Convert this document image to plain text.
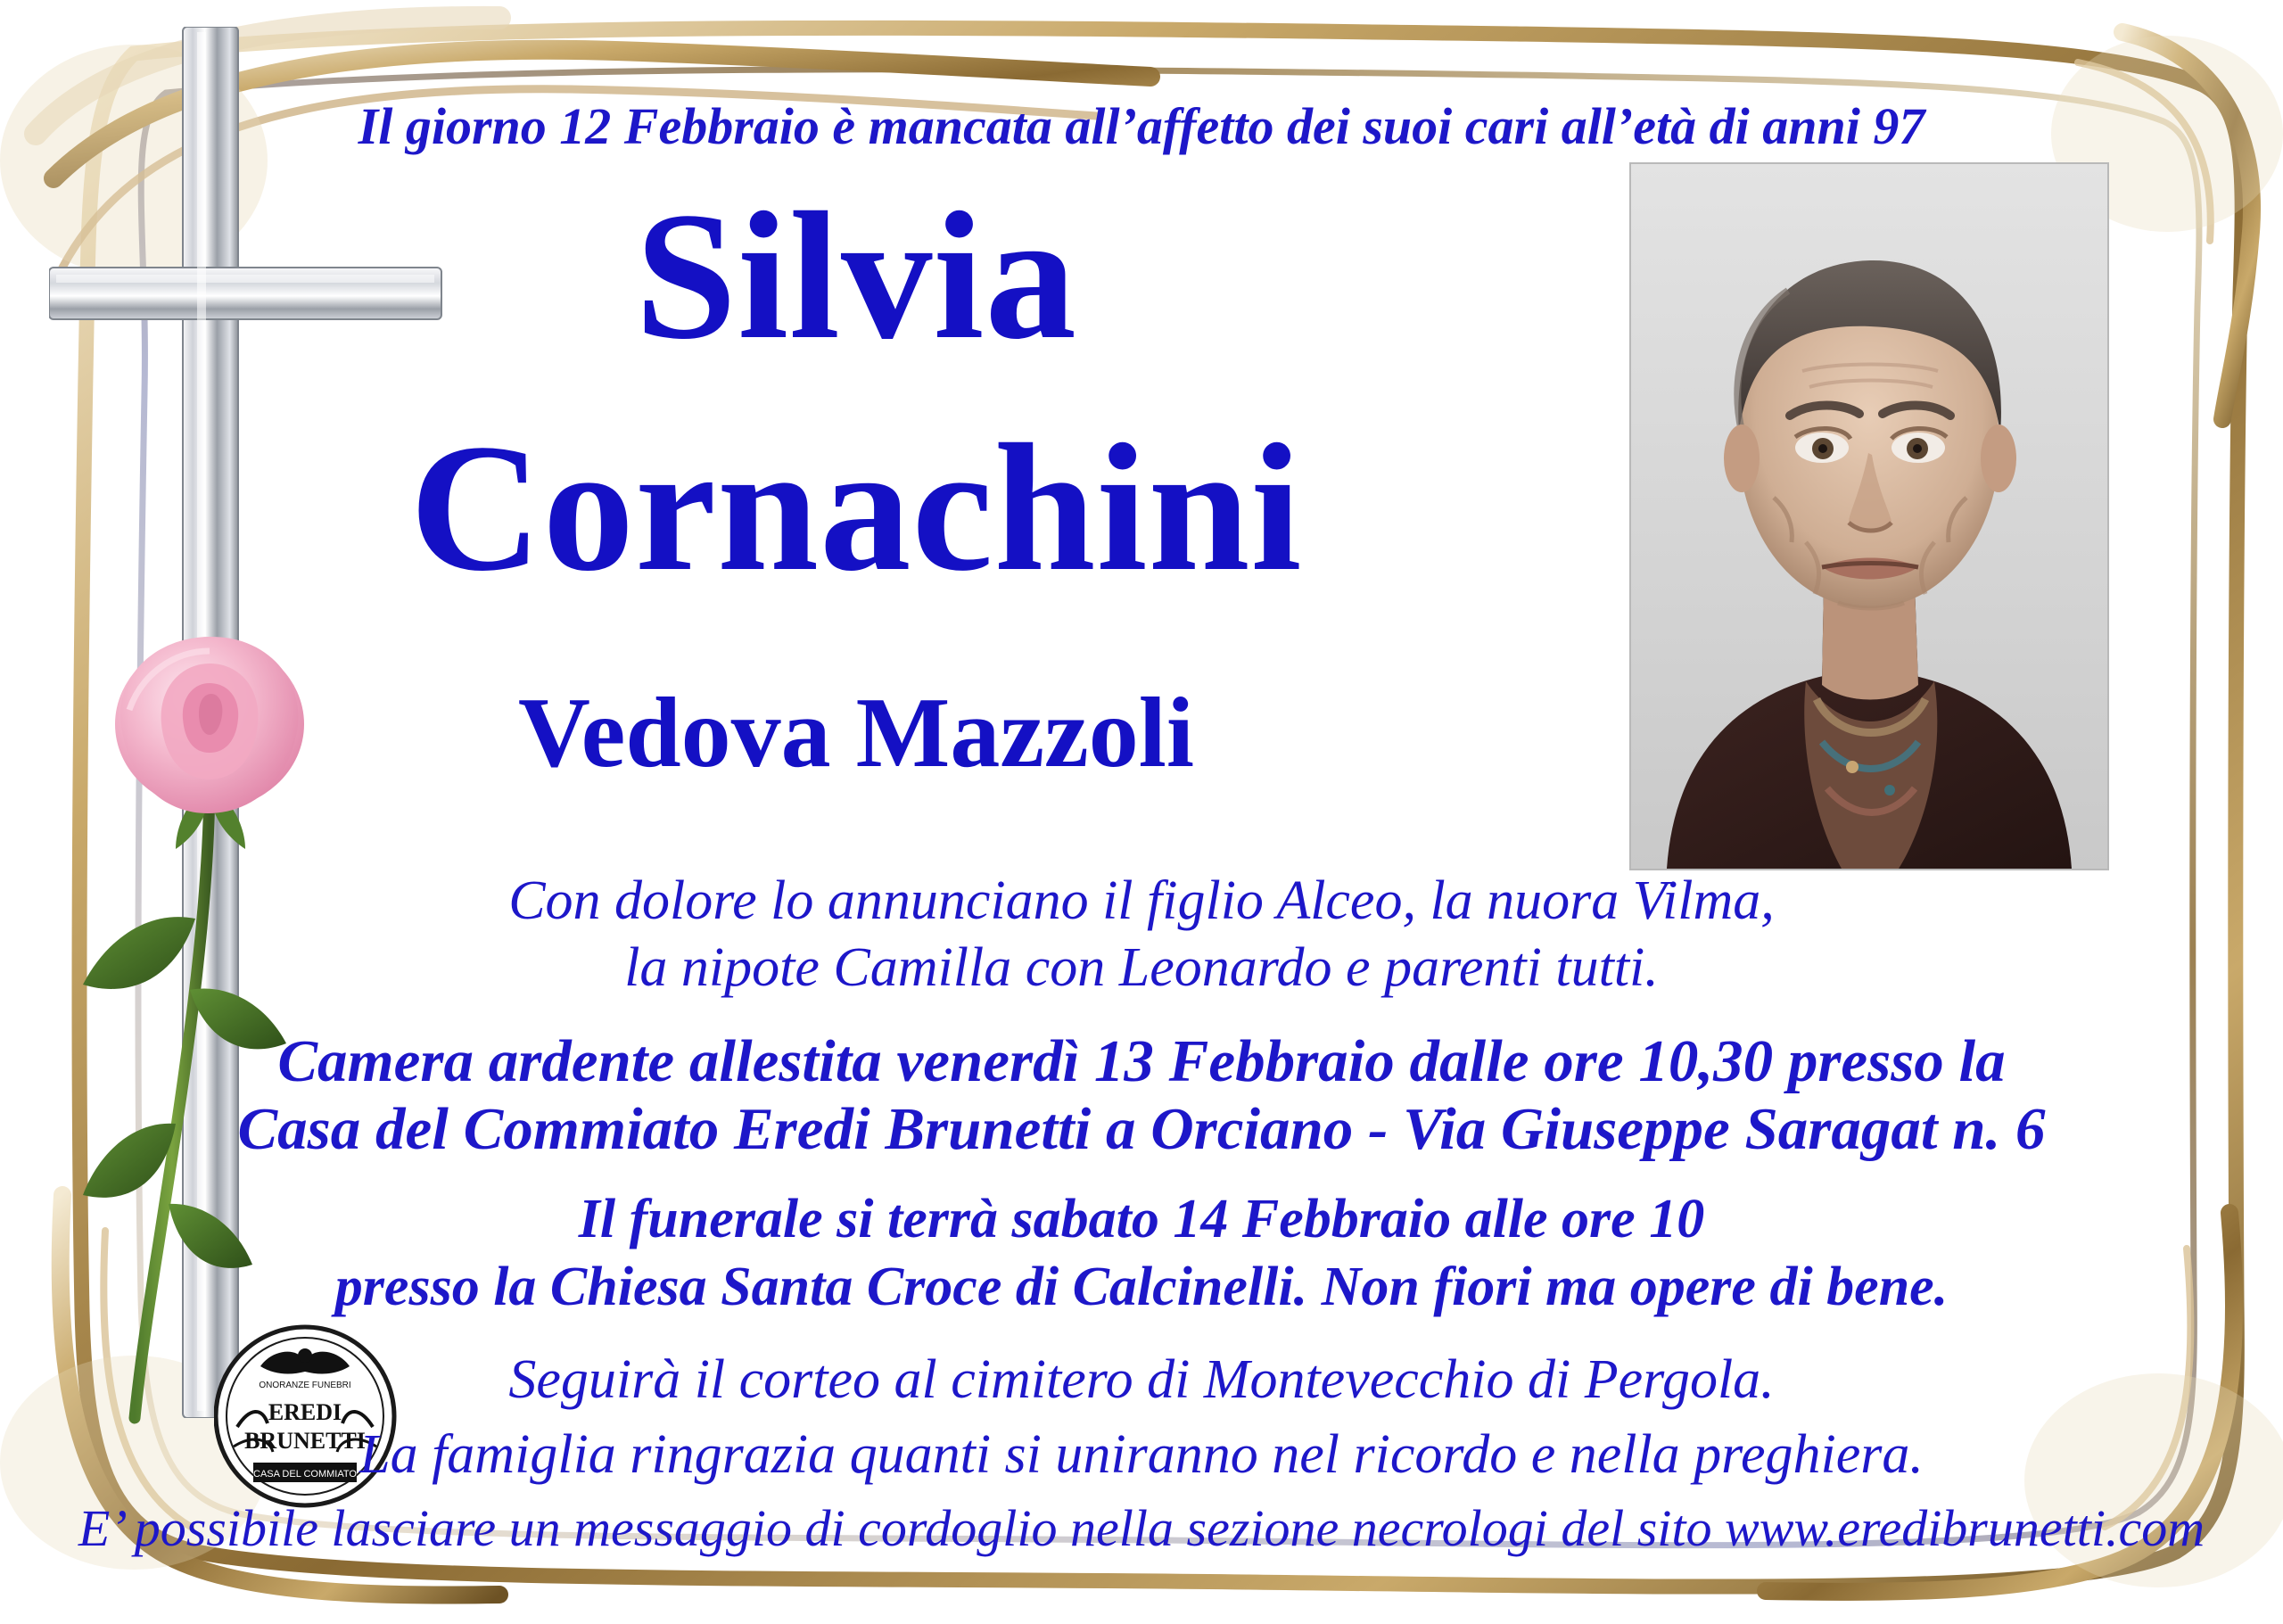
ONORANZE FUNEBRI
EREDI
BRUNETTI
CASA DEL COMMIATO
Il giorno 12 Febbraio è mancata all’affetto dei suoi cari all’età di anni 97
Silvia
Cornachini
Vedova Mazzoli
Con dolore lo annunciano il figlio Alceo, la nuora Vilma,
la nipote Camilla con Leonardo e parenti tutti.
Camera ardente allestita venerdì 13 Febbraio dalle ore 10,30 presso la
Casa del Commiato Eredi Brunetti a Orciano - Via Giuseppe Saragat n. 6
Il funerale si terrà sabato 14 Febbraio alle ore 10
presso la Chiesa Santa Croce di Calcinelli. Non fiori ma opere di bene.
Seguirà il corteo al cimitero di Montevecchio di Pergola.
La famiglia ringrazia quanti si uniranno nel ricordo e nella preghiera.
E’ possibile lasciare un messaggio di cordoglio nella sezione necrologi del sito www.eredibrunetti.com
